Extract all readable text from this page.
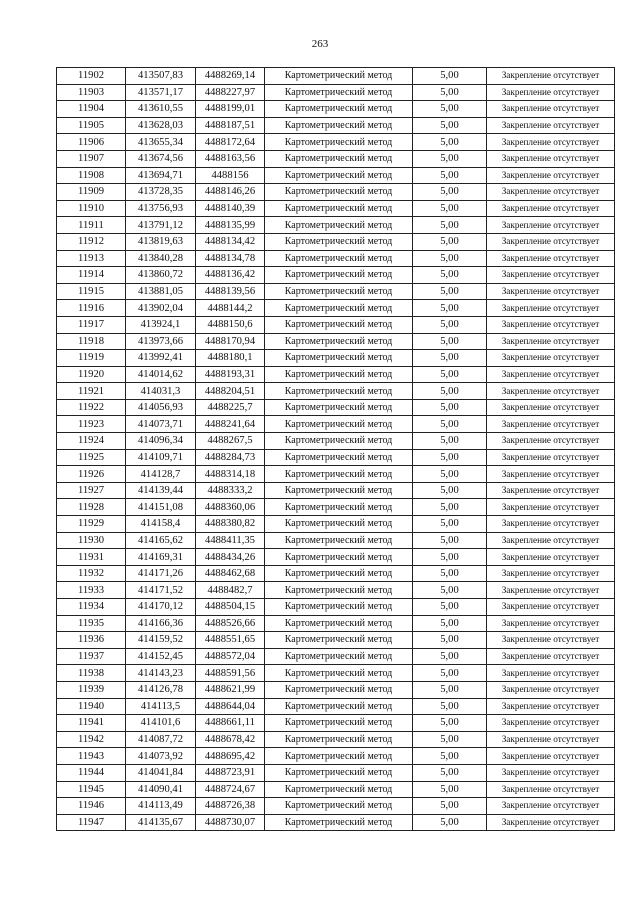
263
11902	413507,83	4488269,14	Картометрический метод	5,00	Закрепление отсутствует
11903	413571,17	4488227,97	Картометрический метод	5,00	Закрепление отсутствует
11904	413610,55	4488199,01	Картометрический метод	5,00	Закрепление отсутствует
11905	413628,03	4488187,51	Картометрический метод	5,00	Закрепление отсутствует
11906	413655,34	4488172,64	Картометрический метод	5,00	Закрепление отсутствует
11907	413674,56	4488163,56	Картометрический метод	5,00	Закрепление отсутствует
11908	413694,71	4488156	Картометрический метод	5,00	Закрепление отсутствует
11909	413728,35	4488146,26	Картометрический метод	5,00	Закрепление отсутствует
11910	413756,93	4488140,39	Картометрический метод	5,00	Закрепление отсутствует
11911	413791,12	4488135,99	Картометрический метод	5,00	Закрепление отсутствует
11912	413819,63	4488134,42	Картометрический метод	5,00	Закрепление отсутствует
11913	413840,28	4488134,78	Картометрический метод	5,00	Закрепление отсутствует
11914	413860,72	4488136,42	Картометрический метод	5,00	Закрепление отсутствует
11915	413881,05	4488139,56	Картометрический метод	5,00	Закрепление отсутствует
11916	413902,04	4488144,2	Картометрический метод	5,00	Закрепление отсутствует
11917	413924,1	4488150,6	Картометрический метод	5,00	Закрепление отсутствует
11918	413973,66	4488170,94	Картометрический метод	5,00	Закрепление отсутствует
11919	413992,41	4488180,1	Картометрический метод	5,00	Закрепление отсутствует
11920	414014,62	4488193,31	Картометрический метод	5,00	Закрепление отсутствует
11921	414031,3	4488204,51	Картометрический метод	5,00	Закрепление отсутствует
11922	414056,93	4488225,7	Картометрический метод	5,00	Закрепление отсутствует
11923	414073,71	4488241,64	Картометрический метод	5,00	Закрепление отсутствует
11924	414096,34	4488267,5	Картометрический метод	5,00	Закрепление отсутствует
11925	414109,71	4488284,73	Картометрический метод	5,00	Закрепление отсутствует
11926	414128,7	4488314,18	Картометрический метод	5,00	Закрепление отсутствует
11927	414139,44	4488333,2	Картометрический метод	5,00	Закрепление отсутствует
11928	414151,08	4488360,06	Картометрический метод	5,00	Закрепление отсутствует
11929	414158,4	4488380,82	Картометрический метод	5,00	Закрепление отсутствует
11930	414165,62	4488411,35	Картометрический метод	5,00	Закрепление отсутствует
11931	414169,31	4488434,26	Картометрический метод	5,00	Закрепление отсутствует
11932	414171,26	4488462,68	Картометрический метод	5,00	Закрепление отсутствует
11933	414171,52	4488482,7	Картометрический метод	5,00	Закрепление отсутствует
11934	414170,12	4488504,15	Картометрический метод	5,00	Закрепление отсутствует
11935	414166,36	4488526,66	Картометрический метод	5,00	Закрепление отсутствует
11936	414159,52	4488551,65	Картометрический метод	5,00	Закрепление отсутствует
11937	414152,45	4488572,04	Картометрический метод	5,00	Закрепление отсутствует
11938	414143,23	4488591,56	Картометрический метод	5,00	Закрепление отсутствует
11939	414126,78	4488621,99	Картометрический метод	5,00	Закрепление отсутствует
11940	414113,5	4488644,04	Картометрический метод	5,00	Закрепление отсутствует
11941	414101,6	4488661,11	Картометрический метод	5,00	Закрепление отсутствует
11942	414087,72	4488678,42	Картометрический метод	5,00	Закрепление отсутствует
11943	414073,92	4488695,42	Картометрический метод	5,00	Закрепление отсутствует
11944	414041,84	4488723,91	Картометрический метод	5,00	Закрепление отсутствует
11945	414090,41	4488724,67	Картометрический метод	5,00	Закрепление отсутствует
11946	414113,49	4488726,38	Картометрический метод	5,00	Закрепление отсутствует
11947	414135,67	4488730,07	Картометрический метод	5,00	Закрепление отсутствует
